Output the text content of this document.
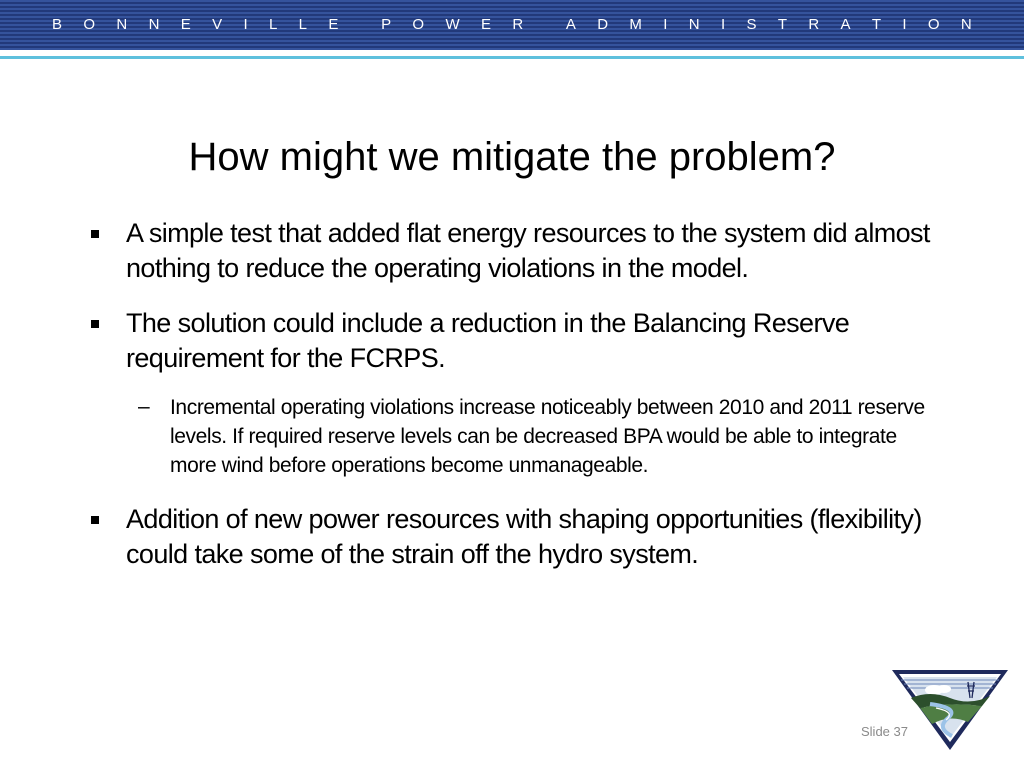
B O N N E V I L L E	P O W E R	A D M I N I S T R A T I O N
How might we mitigate the problem?
A simple test that added flat energy resources to the system did almost nothing to reduce the operating violations in the model.
The solution could include a reduction in the Balancing Reserve requirement for the FCRPS.
– Incremental operating violations increase noticeably between 2010 and 2011 reserve levels. If required reserve levels can be decreased BPA would be able to integrate more wind before operations become unmanageable.
Addition of new power resources with shaping opportunities (flexibility) could take some of the strain off the hydro system.
Slide 37
